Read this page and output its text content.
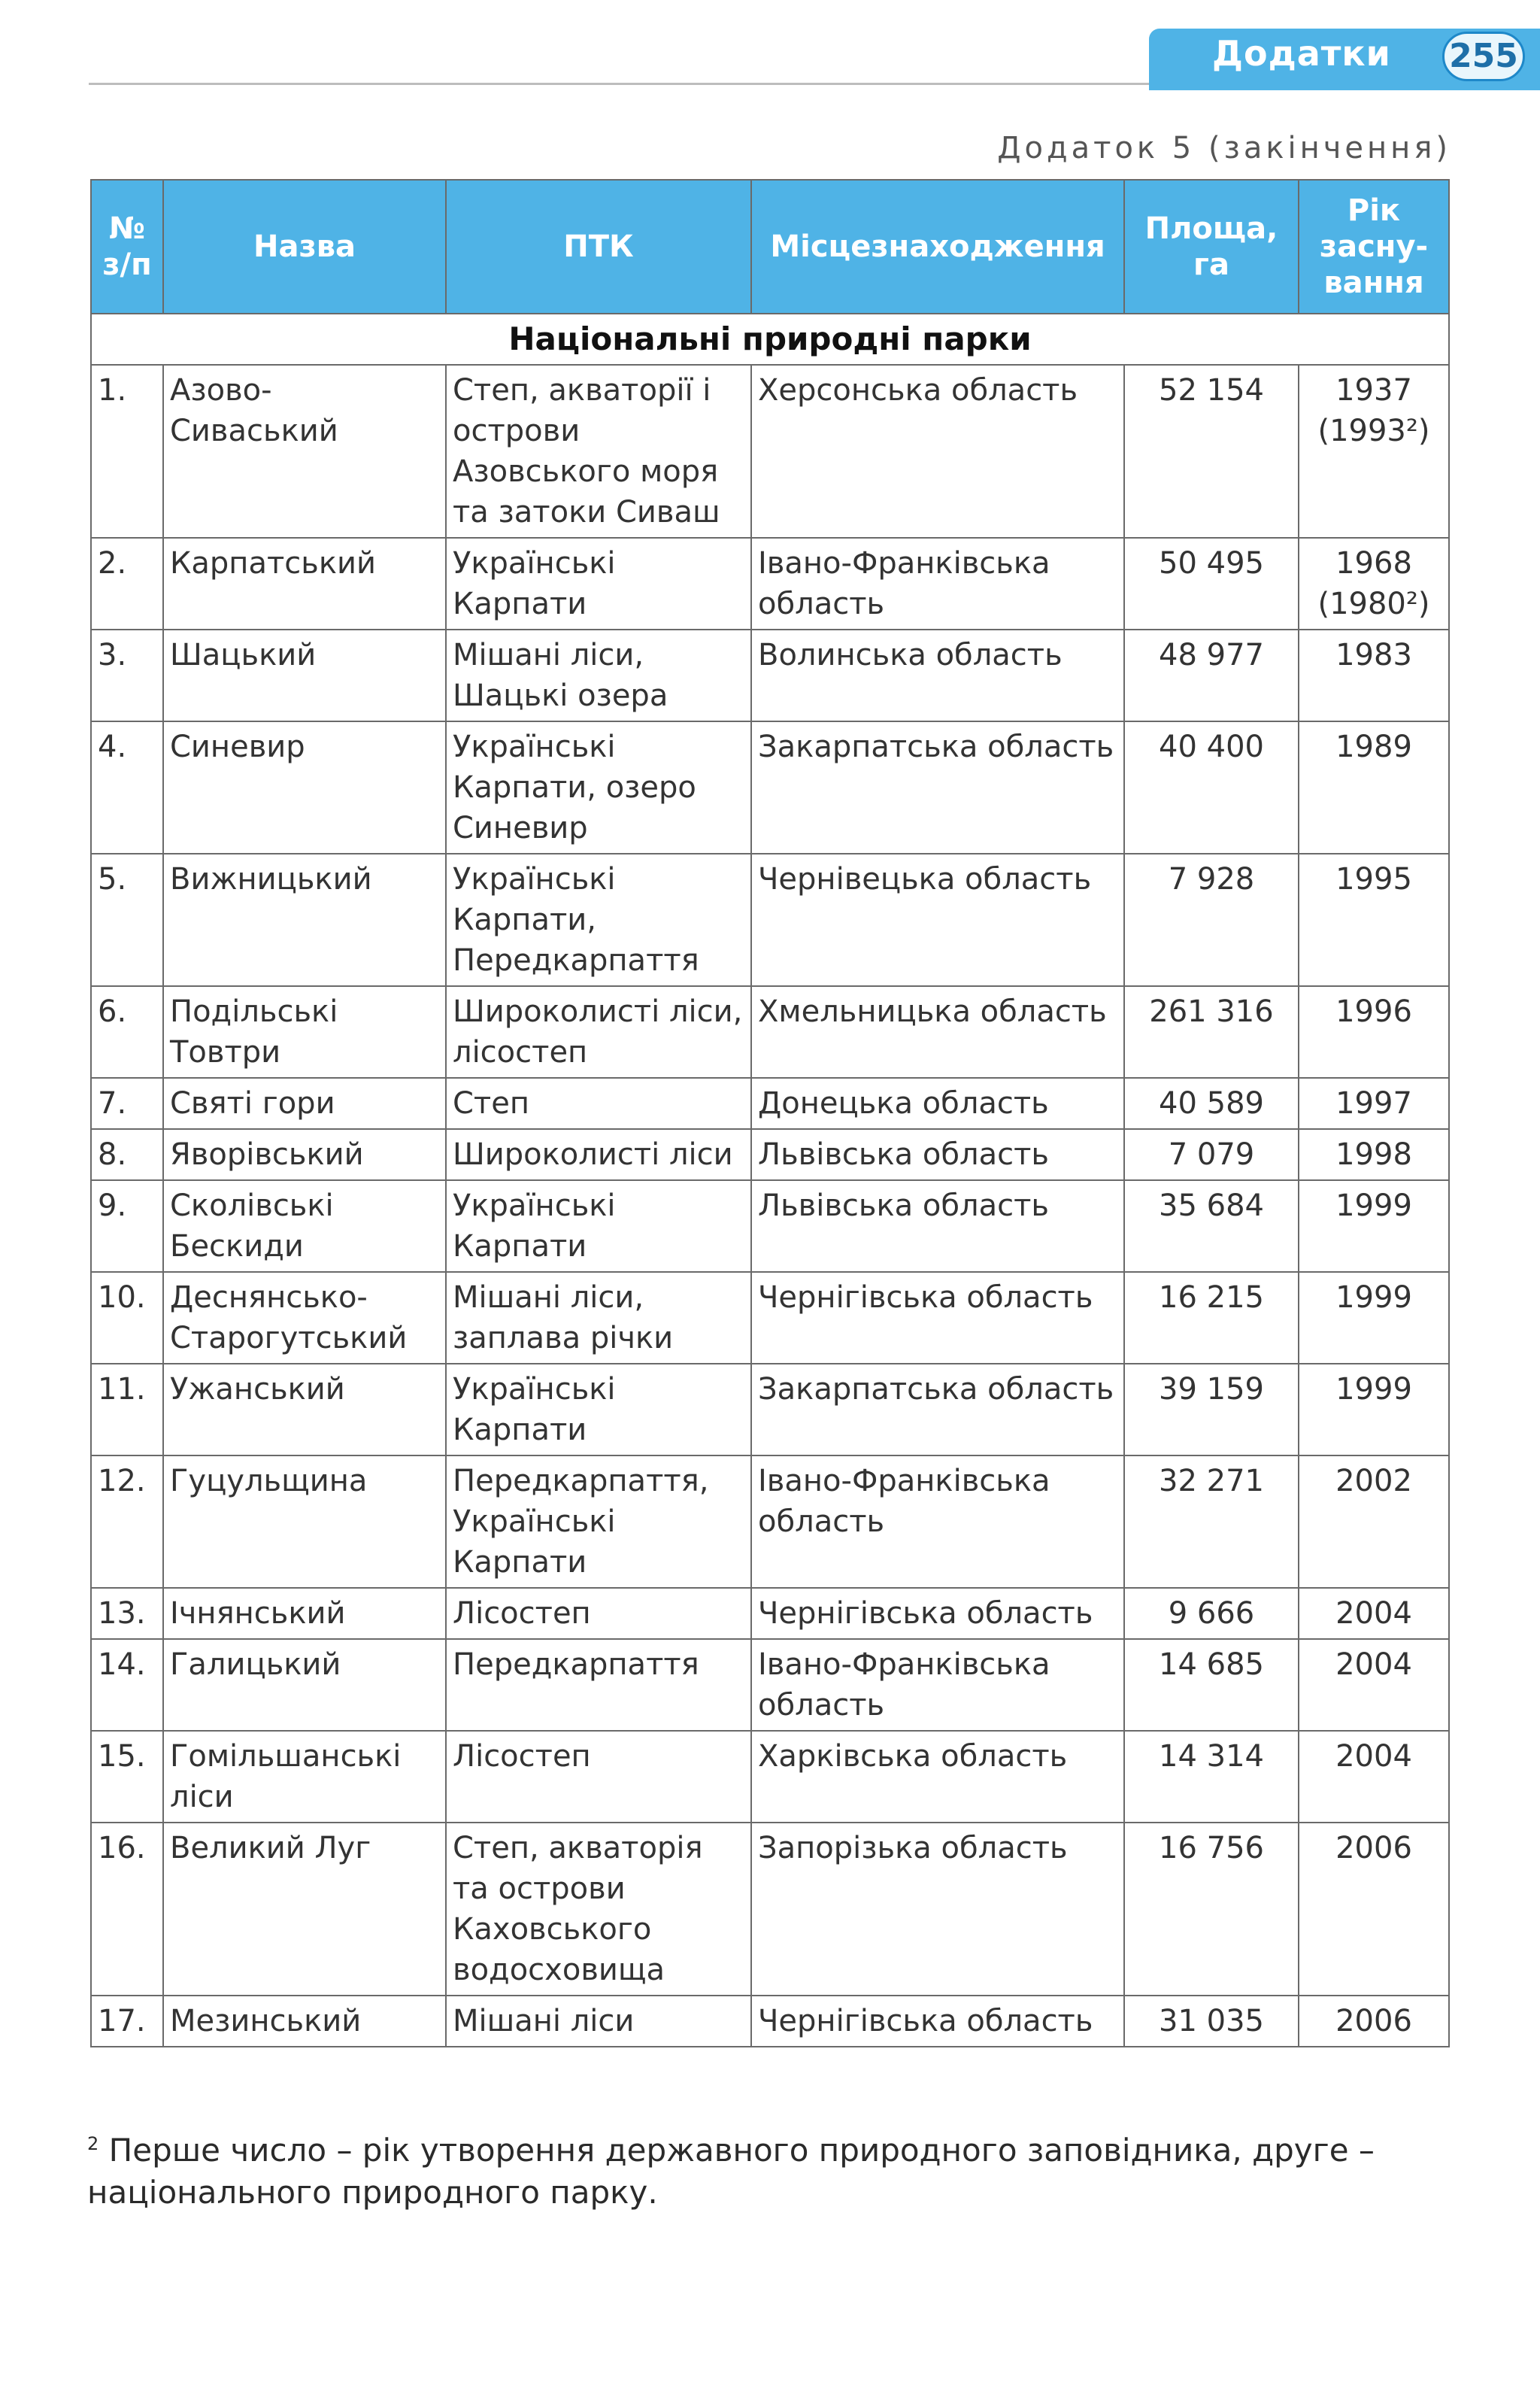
Додатки 255
Додаток 5 (закінчення)
№ з/п	Назва	ПТК	Місцезнаходження	Площа, га	Рік засну-вання
Національні природні парки					
1.	Азово-Сиваський	Степ, акваторії і острови Азовського моря та затоки Сиваш	Херсонська область	52 154	1937 (1993²)
2.	Карпатський	Українські Карпати	Івано-Франківська область	50 495	1968 (1980²)
3.	Шацький	Мішані ліси, Шацькі озера	Волинська область	48 977	1983
4.	Синевир	Українські Карпати, озеро Синевир	Закарпатська область	40 400	1989
5.	Вижницький	Українські Карпати, Передкарпаття	Чернівецька область	7 928	1995
6.	Подільські Товтри	Широколисті ліси, лісостеп	Хмельницька область	261 316	1996
7.	Святі гори	Степ	Донецька область	40 589	1997
8.	Яворівський	Широколисті ліси	Львівська область	7 079	1998
9.	Сколівські Бескиди	Українські Карпати	Львівська область	35 684	1999
10.	Деснянсько-Старогутський	Мішані ліси, заплава річки	Чернігівська область	16 215	1999
11.	Ужанський	Українські Карпати	Закарпатська область	39 159	1999
12.	Гуцульщина	Передкарпаття, Українські Карпати	Івано-Франківська область	32 271	2002
13.	Ічнянський	Лісостеп	Чернігівська область	9 666	2004
14.	Галицький	Передкарпаття	Івано-Франківська область	14 685	2004
15.	Гомільшанські ліси	Лісостеп	Харківська область	14 314	2004
16.	Великий Луг	Степ, акваторія та острови Каховського водосховища	Запорізька область	16 756	2006
17.	Мезинський	Мішані ліси	Чернігівська область	31 035	2006
$^2$ Перше число – рік утворення державного природного заповідника, друге – національного природного парку.
